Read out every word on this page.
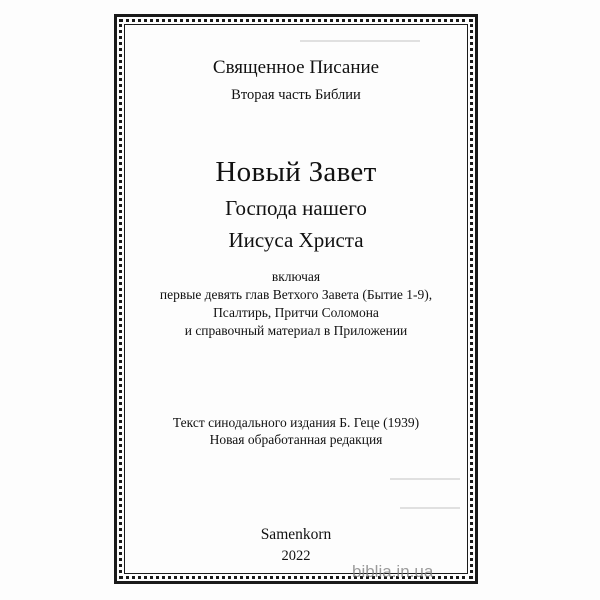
Священное Писание
Вторая часть Библии
Новый Завет
Господа нашего
Иисуса Христа
включая
первые девять глав Ветхого Завета (Бытие 1-9),
Псалтирь, Притчи Соломона
и справочный материал в Приложении
Текст синодального издания Б. Геце (1939)
Новая обработанная редакция
Samenkorn
2022
biblia.in.ua
